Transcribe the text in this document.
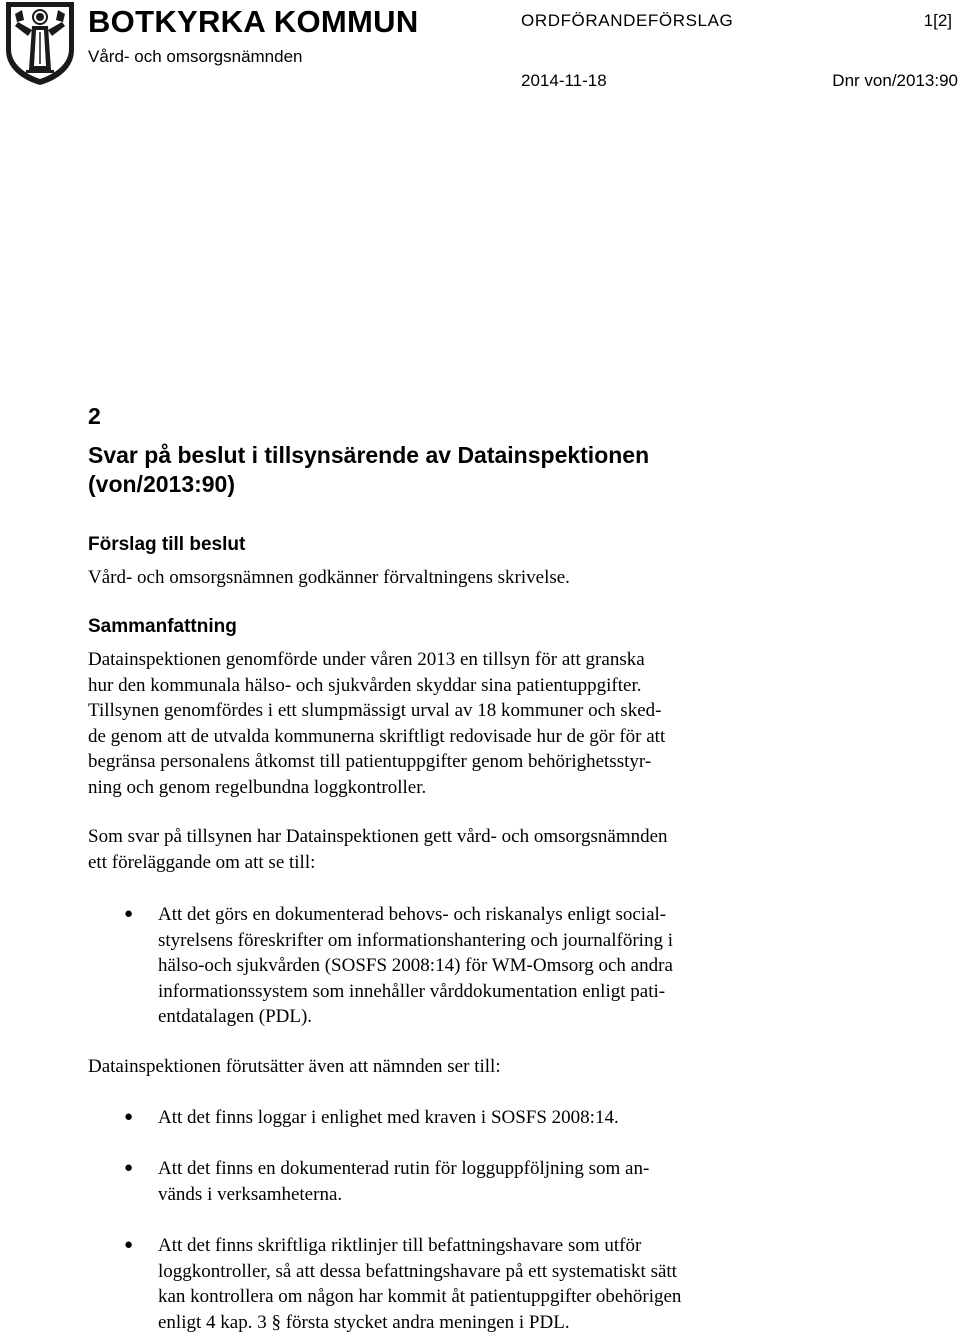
BOTKYRKA KOMMUN
Vård- och omsorgsnämnden
ORDFÖRANDEFÖRSLAG	1[2]
2014-11-18	Dnr von/2013:90
2
Svar på beslut i tillsynsärende av Datainspektionen
(von/2013:90)
Förslag till beslut

Vård- och omsorgsnämnen godkänner förvaltningens skrivelse.

Sammanfattning

Datainspektionen genomförde under våren 2013 en tillsyn för att granska
hur den kommunala hälso- och sjukvården skyddar sina patientuppgifter.
Tillsynen genomfördes i ett slumpmässigt urval av 18 kommuner och sked-
de genom att de utvalda kommunerna skriftligt redovisade hur de gör för att
begränsa personalens åtkomst till patientuppgifter genom behörighetsstyr-
ning och genom regelbundna loggkontroller.

Som svar på tillsynen har Datainspektionen gett vård- och omsorgsnämnden
ett föreläggande om att se till:

● Att det görs en dokumenterad behovs- och riskanalys enligt social-
styrelsens föreskrifter om informationshantering och journalföring i
hälso-och sjukvården (SOSFS 2008:14) för WM-Omsorg och andra
informationssystem som innehåller vårddokumentation enligt pati-
entdatalagen (PDL).

Datainspektionen förutsätter även att nämnden ser till:

● Att det finns loggar i enlighet med kraven i SOSFS 2008:14.

● Att det finns en dokumenterad rutin för logguppföljning som an-
vänds i verksamheterna.

● Att det finns skriftliga riktlinjer till befattningshavare som utför
loggkontroller, så att dessa befattningshavare på ett systematiskt sätt
kan kontrollera om någon har kommit åt patientuppgifter obehörigen
enligt 4 kap. 3 § första stycket andra meningen i PDL.
